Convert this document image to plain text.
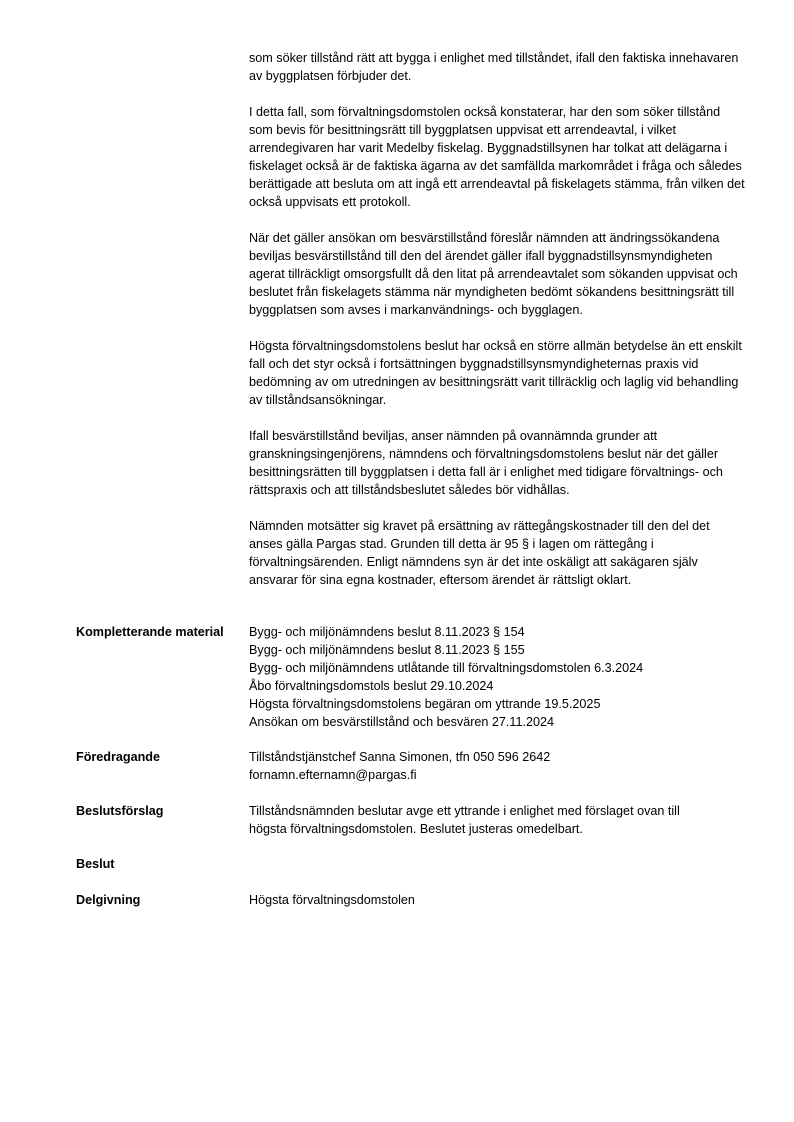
som söker tillstånd rätt att bygga i enlighet med tillståndet, ifall den faktiska innehavaren av byggplatsen förbjuder det.

I detta fall, som förvaltningsdomstolen också konstaterar, har den som söker tillstånd som bevis för besittningsrätt till byggplatsen uppvisat ett arrendeavtal, i vilket arrendegivaren har varit Medelby fiskelag. Byggnadstillsynen har tolkat att delägarna i fiskelaget också är de faktiska ägarna av det samfällda markområdet i fråga och således berättigade att besluta om att ingå ett arrendeavtal på fiskelagets stämma, från vilken det också uppvisats ett protokoll.

När det gäller ansökan om besvärstillstånd föreslår nämnden att ändringssökandena beviljas besvärstillstånd till den del ärendet gäller ifall byggnadstillsynsmyndigheten agerat tillräckligt omsorgsfullt då den litat på arrendeavtalet som sökanden uppvisat och beslutet från fiskelagets stämma när myndigheten bedömt sökandens besittningsrätt till byggplatsen som avses i markanvändnings- och bygglagen.

Högsta förvaltningsdomstolens beslut har också en större allmän betydelse än ett enskilt fall och det styr också i fortsättningen byggnadstillsynsmyndigheternas praxis vid bedömning av om utredningen av besittningsrätt varit tillräcklig och laglig vid behandling av tillståndsansökningar.

Ifall besvärstillstånd beviljas, anser nämnden på ovannämnda grunder att granskningsingenjörens, nämndens och förvaltningsdomstolens beslut när det gäller besittningsrätten till byggplatsen i detta fall är i enlighet med tidigare förvaltnings- och rättspraxis och att tillståndsbeslutet således bör vidhållas.

Nämnden motsätter sig kravet på ersättning av rättegångskostnader till den del det anses gälla Pargas stad. Grunden till detta är 95 § i lagen om rättegång i förvaltningsärenden. Enligt nämndens syn är det inte oskäligt att sakägaren själv ansvarar för sina egna kostnader, eftersom ärendet är rättsligt oklart.

Kompletterande material	Bygg- och miljönämndens beslut 8.11.2023 § 154
Bygg- och miljönämndens beslut 8.11.2023 § 155
Bygg- och miljönämndens utlåtande till förvaltningsdomstolen 6.3.2024
Åbo förvaltningsdomstols beslut 29.10.2024
Högsta förvaltningsdomstolens begäran om yttrande 19.5.2025
Ansökan om besvärstillstånd och besvären 27.11.2024
Föredragande	Tillståndstjänstchef Sanna Simonen, tfn 050 596 2642
fornamn.efternamn@pargas.fi
Beslutsförslag	Tillståndsnämnden beslutar avge ett yttrande i enlighet med förslaget ovan till
högsta förvaltningsdomstolen. Beslutet justeras omedelbart.
Beslut
Delgivning	Högsta förvaltningsdomstolen
